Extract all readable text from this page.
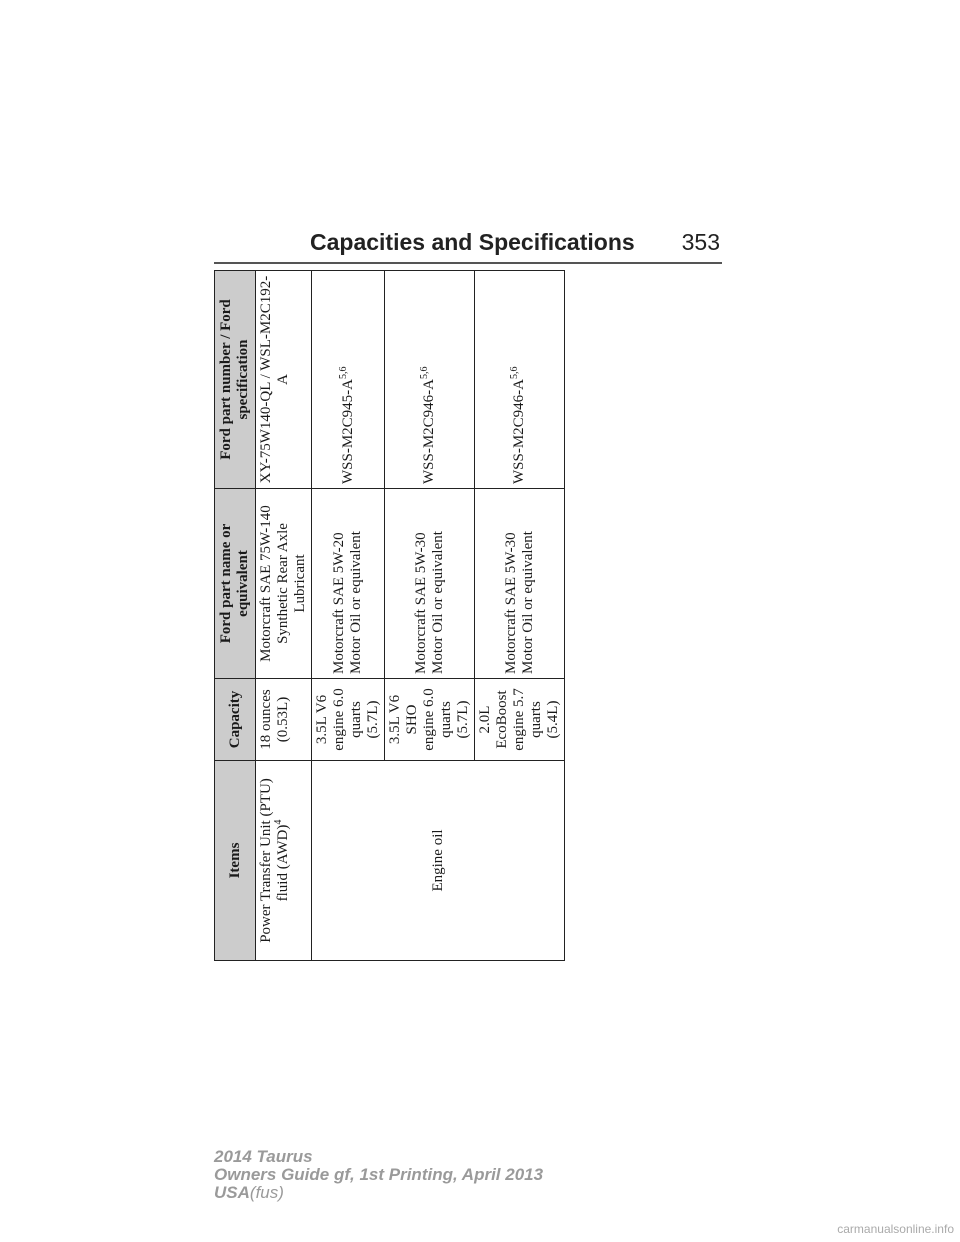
Capacities and Specifications 353
Items	Capacity	Ford part name or equivalent	Ford part number / Ford specification
Power Transfer Unit (PTU) fluid (AWD)$^4$	18 ounces (0.53L)	Motorcraft SAE 75W-140 Synthetic Rear Axle Lubricant	XY-75W140-QL / WSL-M2C192-A
Engine oil	3.5L V6 engine 6.0 quarts (5.7L)	Motorcraft SAE 5W-20 Motor Oil or equivalent	WSS-$M2C945-A^{5,6}$
	3.5L V6 SHO engine 6.0 quarts (5.7L)	Motorcraft SAE 5W-30 Motor Oil or equivalent	WSS-$M2C946-A^{5,6}$
	2.0L EcoBoost engine 5.7 quarts (5.4L)	Motorcraft SAE 5W-30 Motor Oil or equivalent	WSS-$M2C946-A^{5,6}$
2014 Taurus
Owners Guide gf, 1st Printing, April 2013
USA(fus)
carmanualsonline.info
